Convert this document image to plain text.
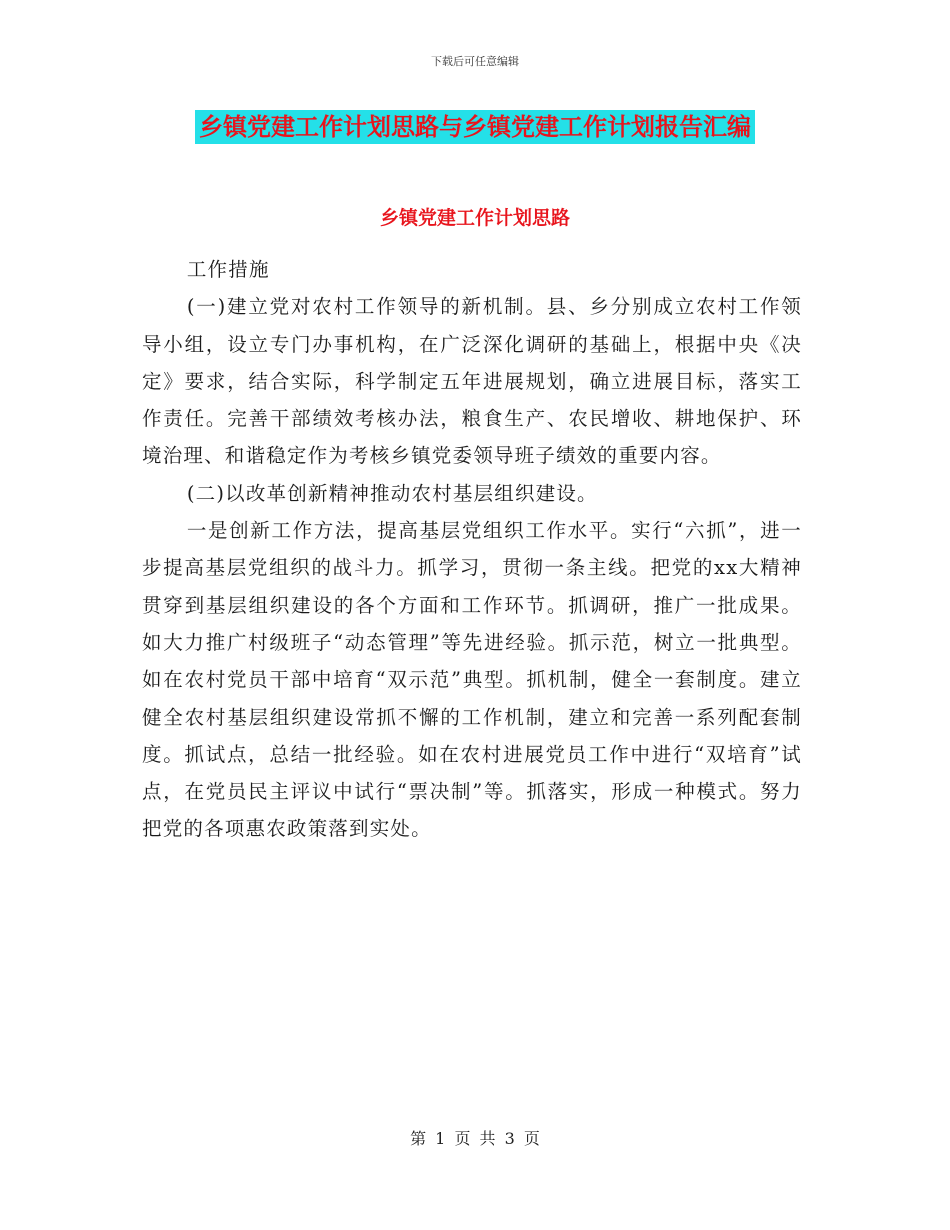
下载后可任意编辑
乡镇党建工作计划思路与乡镇党建工作计划报告汇编
乡镇党建工作计划思路

工作措施

(一)建立党对农村工作领导的新机制。县、乡分别成立农村工作领导小组，设立专门办事机构，在广泛深化调研的基础上，根据中央《决定》要求，结合实际，科学制定五年进展规划，确立进展目标，落实工作责任。完善干部绩效考核办法，粮食生产、农民增收、耕地保护、环境治理、和谐稳定作为考核乡镇党委领导班子绩效的重要内容。

(二)以改革创新精神推动农村基层组织建设。

一是创新工作方法，提高基层党组织工作水平。实行“六抓”，进一步提高基层党组织的战斗力。抓学习，贯彻一条主线。把党的xx大精神贯穿到基层组织建设的各个方面和工作环节。抓调研，推广一批成果。如大力推广村级班子“动态管理”等先进经验。抓示范，树立一批典型。如在农村党员干部中培育“双示范”典型。抓机制，健全一套制度。建立健全农村基层组织建设常抓不懈的工作机制，建立和完善一系列配套制度。抓试点，总结一批经验。如在农村进展党员工作中进行“双培育”试点，在党员民主评议中试行“票决制”等。抓落实，形成一种模式。努力把党的各项惠农政策落到实处。

第 1 页 共 3 页
